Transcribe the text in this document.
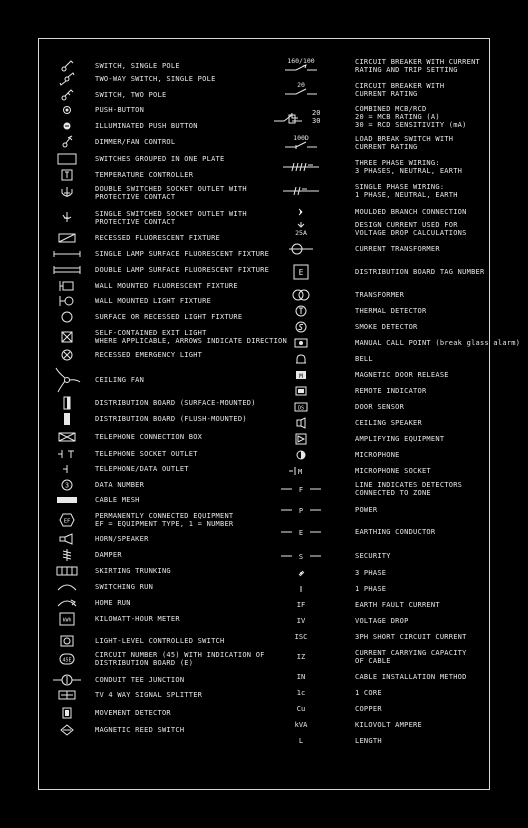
SWITCH, SINGLE POLE
TWO-WAY SWITCH, SINGLE POLE
SWITCH, TWO POLE
PUSH-BUTTON
ILLUMINATED PUSH BUTTON
DIMMER/FAN CONTROL
SWITCHES GROUPED IN ONE PLATE
TEMPERATURE CONTROLLER
DOUBLE SWITCHED SOCKET OUTLET WITH
PROTECTIVE CONTACT
SINGLE SWITCHED SOCKET OUTLET WITH
PROTECTIVE CONTACT
RECESSED FLUORESCENT FIXTURE
SINGLE LAMP SURFACE FLUORESCENT FIXTURE
DOUBLE LAMP SURFACE FLUORESCENT FIXTURE
WALL MOUNTED FLUORESCENT FIXTURE
WALL MOUNTED LIGHT FIXTURE
SURFACE OR RECESSED LIGHT FIXTURE
SELF-CONTAINED EXIT LIGHT
WHERE APPLICABLE, ARROWS INDICATE DIRECTION
RECESSED EMERGENCY LIGHT
CEILING FAN
DISTRIBUTION BOARD (SURFACE-MOUNTED)
DISTRIBUTION BOARD (FLUSH-MOUNTED)
TELEPHONE CONNECTION BOX
TELEPHONE SOCKET OUTLET
TELEPHONE/DATA OUTLET
3	DATA NUMBER
CABLE MESH
EF
PERMANENTLY CONNECTED EQUIPMENT
EF = EQUIPMENT TYPE, 1 = NUMBER
HORN/SPEAKER
DAMPER
SKIRTING TRUNKING
SWITCHING RUN
HOME RUN
kWh	KILOWATT-HOUR METER
LIGHT-LEVEL CONTROLLED SWITCH
45E
CIRCUIT NUMBER (45) WITH INDICATION OF
DISTRIBUTION BOARD (E)
CONDUIT TEE JUNCTION
TV 4 WAY SIGNAL SPLITTER
MOVEMENT DETECTOR
MAGNETIC REED SWITCH
160/100	CIRCUIT BREAKER WITH CURRENT
RATING AND TRIP SETTING
20	CIRCUIT BREAKER WITH
CURRENT RATING
20
30
COMBINED MCB/RCD
20 = MCB RATING (A)
30 = RCD SENSITIVITY (mA)
100D	LOAD BREAK SWITCH WITH
CURRENT RATING
THREE PHASE WIRING:
3 PHASES, NEUTRAL, EARTH
SINGLE PHASE WIRING:
1 PHASE, NEUTRAL, EARTH
MOULDED BRANCH CONNECTION
25A
DESIGN CURRENT USED FOR
VOLTAGE DROP CALCULATIONS
CURRENT TRANSFORMER
E	DISTRIBUTION BOARD TAG NUMBER
TRANSFORMER
THERMAL DETECTOR
SMOKE DETECTOR
MANUAL CALL POINT (break glass alarm)
BELL
M	MAGNETIC DOOR RELEASE
REMOTE INDICATOR
DS	DOOR SENSOR
CEILING SPEAKER
AMPLIFYING EQUIPMENT
MICROPHONE
M	MICROPHONE SOCKET
F
LINE INDICATES DETECTORS
CONNECTED TO ZONE
P	POWER
E	EARTHING CONDUCTOR
S	SECURITY
3 PHASE
1 PHASE
IF	EARTH FAULT CURRENT
IV	VOLTAGE DROP
ISC	3PH SHORT CIRCUIT CURRENT
IZ	CURRENT CARRYING CAPACITY
OF CABLE
IN	CABLE INSTALLATION METHOD
1c	1 CORE
Cu	COPPER
kVA	KILOVOLT AMPERE
L	LENGTH
